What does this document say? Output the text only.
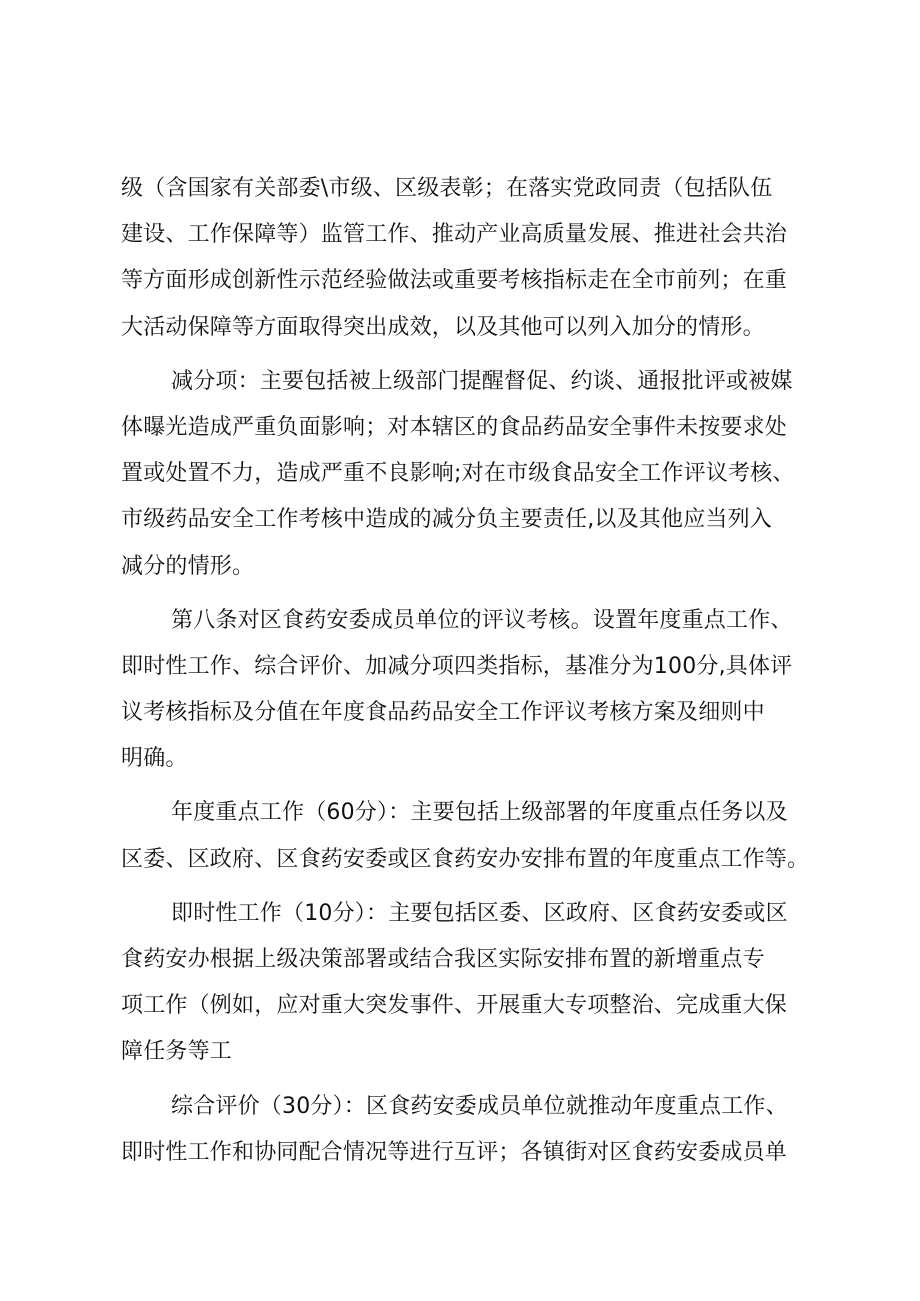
级（含国家有关部委\市级、区级表彰；在落实党政同责（包括队伍
建设、工作保障等）监管工作、推动产业高质量发展、推进社会共治
等方面形成创新性示范经验做法或重要考核指标走在全市前列；在重
大活动保障等方面取得突出成效，以及其他可以列入加分的情形。
减分项：主要包括被上级部门提醒督促、约谈、通报批评或被媒
体曝光造成严重负面影响；对本辖区的食品药品安全事件未按要求处
置或处置不力，造成严重不良影响;对在市级食品安全工作评议考核、
市级药品安全工作考核中造成的减分负主要责任,以及其他应当列入
减分的情形。
第八条对区食药安委成员单位的评议考核。设置年度重点工作、
即时性工作、综合评价、加减分项四类指标，基准分为100分,具体评
议考核指标及分值在年度食品药品安全工作评议考核方案及细则中
明确。
年度重点工作（60分）：主要包括上级部署的年度重点任务以及
区委、区政府、区食药安委或区食药安办安排布置的年度重点工作等。
即时性工作（10分）：主要包括区委、区政府、区食药安委或区
食药安办根据上级决策部署或结合我区实际安排布置的新增重点专
项工作（例如，应对重大突发事件、开展重大专项整治、完成重大保
障任务等工
综合评价（30分）：区食药安委成员单位就推动年度重点工作、
即时性工作和协同配合情况等进行互评；各镇街对区食药安委成员单
